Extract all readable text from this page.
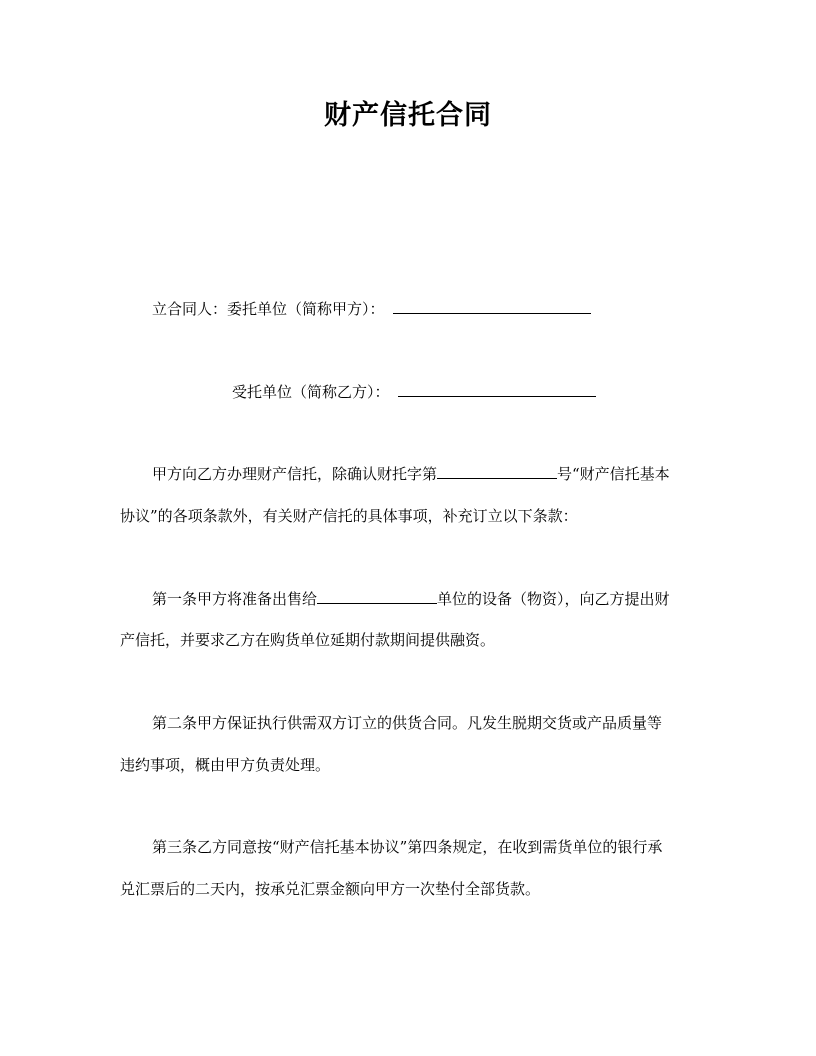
财产信托合同
立合同人：委托单位（简称甲方）：
受托单位（简称乙方）：
甲方向乙方办理财产信托，除确认财托字第	号“财产信托基本
协议”的各项条款外，有关财产信托的具体事项，补充订立以下条款：
第一条甲方将准备出售给	单位的设备（物资），向乙方提出财
产信托，并要求乙方在购货单位延期付款期间提供融资。
第二条甲方保证执行供需双方订立的供货合同。凡发生脱期交货或产品质量等
违约事项，概由甲方负责处理。
第三条乙方同意按“财产信托基本协议”第四条规定，在收到需货单位的银行承
兑汇票后的二天内，按承兑汇票金额向甲方一次垫付全部货款。
